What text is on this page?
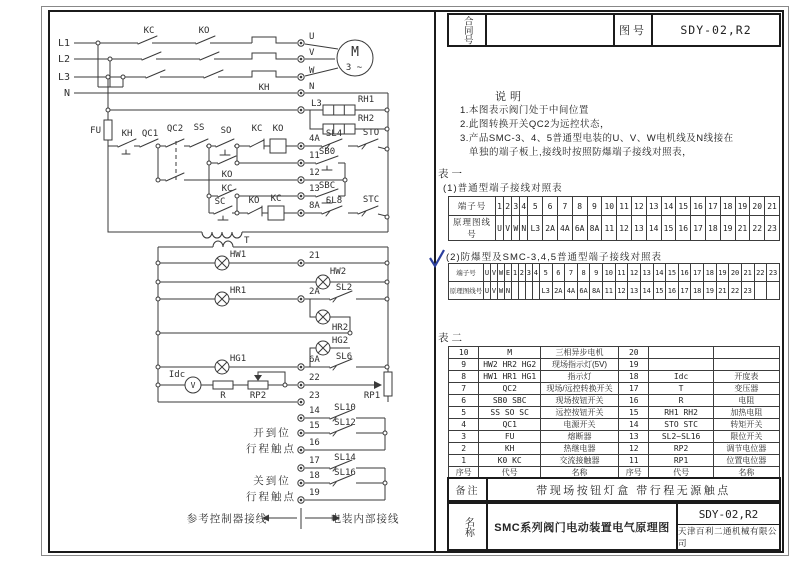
L1
L2
L3
N
KC	KO
KH
M
3 ~
U
V
W
N
L3	RH1
RH2
FU KH QC1 QC2 SS SO KC KO
4A SL4 STO
KO
11 SB0
12
KC	13 SBC
SC	KO KC
8A SL8 STC
T
HW1	21
HW2
HR1	2A SL2
HR2
HG2
HG1	6A SL6
Idc
V
R	RP2
22
RP1
23
14 SL10
15 SL12
16
17 SL14
18 SL16
19
开到位
行程触点
关到位
行程触点
参考控制器接线	电装内部接线
合同号	图号	SDY-02,R2
说明
1.本图表示阀门处于中间位置
2.此图转换开关QC2为远控状态，
3.产品SMC-3、4、5普通型电装的U、V、W电机线及N线接在
单独的端子板上,接线时按照防爆端子接线对照表，
表一
(1)普通型端子接线对照表
端子号	1	2	3	4	5	6	7	8	9	10	11	12	13	14	15	16	17	18	19	20	21
原理图线号	U	V	W	N	L3	2A	4A	6A	8A	11	12	13	14	15	16	17	18	19	21	22	23
(2)防爆型及SMC-3,4,5普通型端子接线对照表
端子号	U	V	W	E	1	2	3	4	5	6	7	8	9	10	11	12	13	14	15	16	17	18	19	20	21	22	23
原理图线号	U	V	W	N					L3	2A	4A	6A	8A	11	12	13	14	15	16	17	18	19	21	22	23		
表二
10	M	三相异步电机	20		
9	HW2 HR2 HG2	现场指示灯(5V)	19		
8	HW1 HR1 HG1	指示灯	18	Idc	开度表
7	QC2	现场/远控转换开关	17	T	变压器
6	SB0 SBC	现场按钮开关	16	R	电阻
5	SS SO SC	远控按钮开关	15	RH1 RH2	加热电阻
4	QC1	电源开关	14	STO STC	转矩开关
3	FU	熔断器	13	SL2~SL16	限位开关
2	KH	热继电器	12	RP2	调节电位器
1	K0 KC	交流接触器	11	RP1	位置电位器
序号	代号	名称	序号	代号	名称
备注	带现场按钮灯盒 带行程无源触点
名称	SMC系列阀门电动装置电气原理图
SDY-02,R2
天津百利二通机械有限公司
